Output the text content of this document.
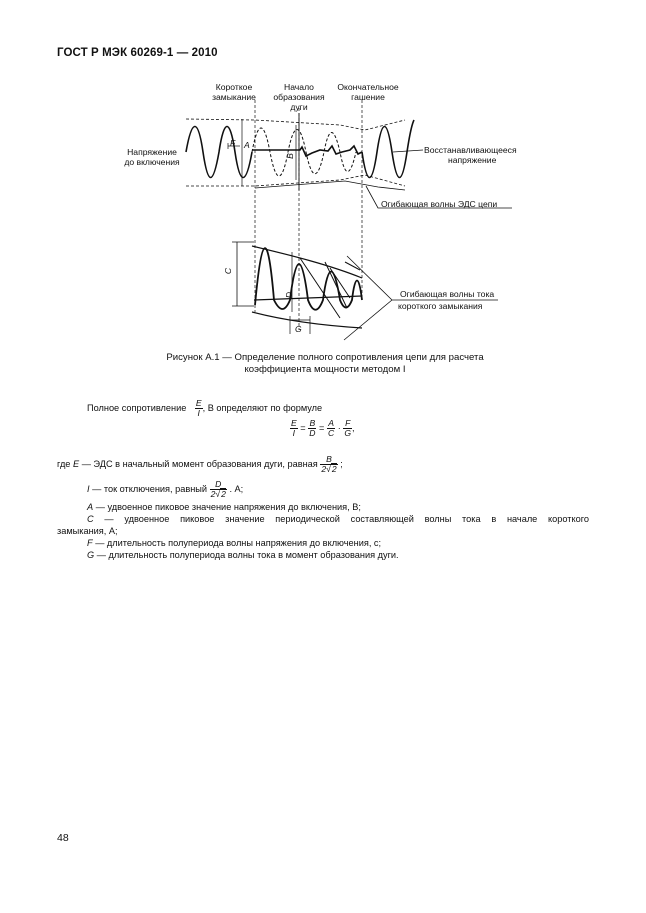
ГОСТ Р МЭК 60269-1 — 2010
Короткое
замыкание
Начало
образования
дуги
Окончательное
гашение
Напряжение
до включения
Восстанавливающееся
напряжение
Огибающая волны ЭДС цепи
Огибающая волны тока
короткого замыкания
F A
B
C
D
G
Рисунок А.1 — Определение полного сопротивления цепи для расчета
коэффициента мощности методом I
Полное сопротивление $\frac{E}{I}$ , В определяют по формуле
$\frac{E}{I} = \frac{B}{D} = \frac{A}{C} \cdot \frac{F}{G}$ ,
где E — ЭДС в начальный момент образования дуги, равная $\frac{B}{2√2}$ ;
I — ток отключения, равный $\frac{D}{2√2}$ . А;
A — удвоенное пиковое значение напряжения до включения, В;
C — удвоенное пиковое значение периодической составляющей волны тока в начале короткого
замыкания, А;
F — длительность полупериода волны напряжения до включения, с;
G — длительность полупериода волны тока в момент образования дуги.
48
